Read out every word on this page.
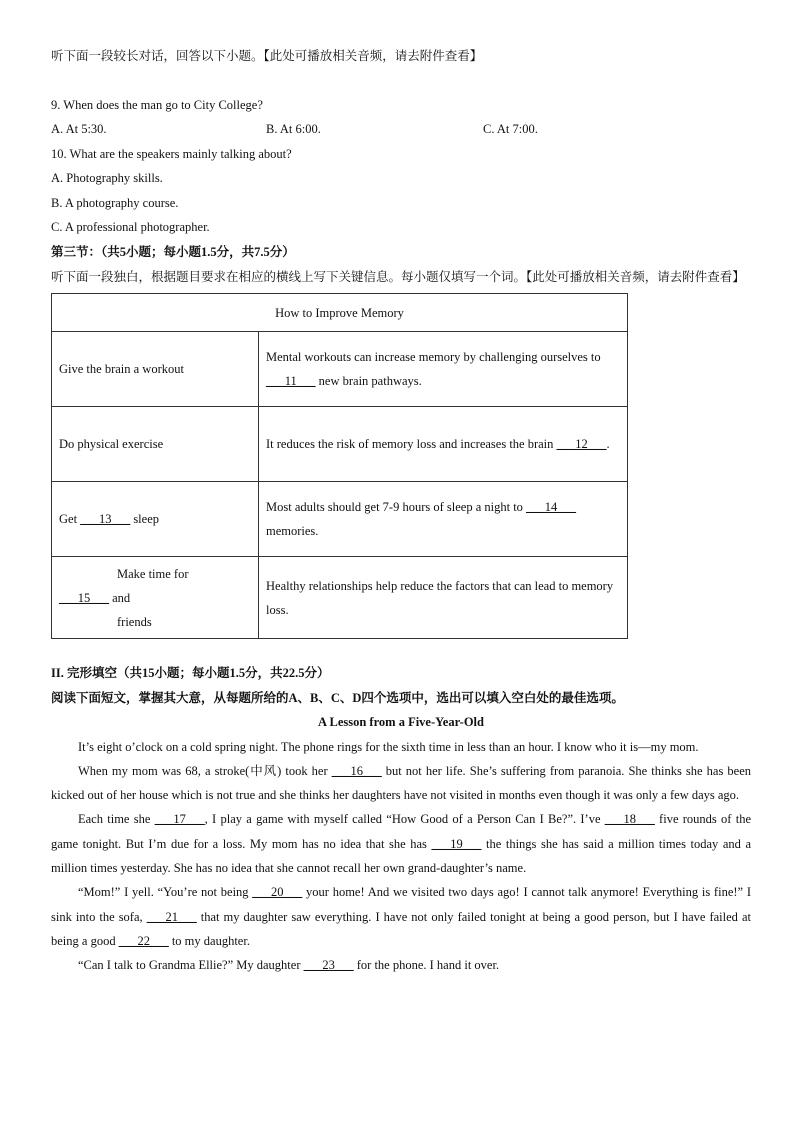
听下面一段较长对话，回答以下小题。【此处可播放相关音频，请去附件查看】
9. When does the man go to City College?
A. At 5:30.	B. At 6:00.	C. At 7:00.
10. What are the speakers mainly talking about?
A. Photography skills.
B. A photography course.
C. A professional photographer.
第三节：（共5小题；每小题1.5分，共7.5分）
听下面一段独白，根据题目要求在相应的横线上写下关键信息。每小题仅填写一个词。【此处可播放相关音频，请去附件查看】
How to Improve Memory	
Give the brain a workout	Mental workouts can increase memory by challenging ourselves to ___11___ new brain pathways.
Do physical exercise	It reduces the risk of memory loss and increases the brain ___12___.
Get ___13___ sleep	Most adults should get 7-9 hours of sleep a night to ___14___ memories.

Make time for
___15___ and
friends	Healthy relationships help reduce the factors that can lead to memory loss.
II. 完形填空（共15小题；每小题1.5分，共22.5分）
阅读下面短文，掌握其大意，从每题所给的A、B、C、D四个选项中，选出可以填入空白处的最佳选项。
A Lesson from a Five-Year-Old
It’s eight o’clock on a cold spring night. The phone rings for the sixth time in less than an hour. I know who it is—my mom.
When my mom was 68, a stroke(中风) took her ___16___ but not her life. She’s suffering from paranoia. She thinks she has been kicked out of her house which is not true and she thinks her daughters have not visited in months even though it was only a few days ago.
Each time she ___17___, I play a game with myself called “How Good of a Person Can I Be?”. I’ve ___18___ five rounds of the game tonight. But I’m due for a loss. My mom has no idea that she has ___19___ the things she has said a million times today and a million times yesterday. She has no idea that she cannot recall her own grand-daughter’s name.
“Mom!” I yell. “You’re not being ___20___ your home! And we visited two days ago! I cannot talk anymore! Everything is fine!” I sink into the sofa, ___21___ that my daughter saw everything. I have not only failed tonight at being a good person, but I have failed at being a good ___22___ to my daughter.
“Can I talk to Grandma Ellie?” My daughter ___23___ for the phone. I hand it over.
